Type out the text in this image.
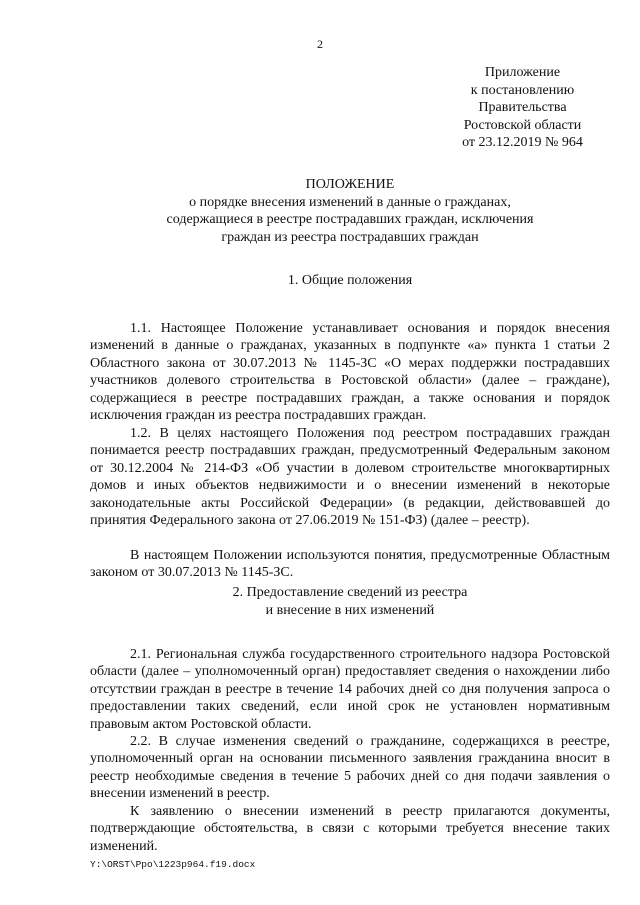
2
Приложение
к постановлению
Правительства
Ростовской области
от 23.12.2019 № 964
ПОЛОЖЕНИЕ
о порядке внесения изменений в данные о гражданах,
содержащиеся в реестре пострадавших граждан, исключения
граждан из реестра пострадавших граждан
1. Общие положения

1.1. Настоящее Положение устанавливает основания и порядок внесения изменений в данные о гражданах, указанных в подпункте «а» пункта 1 статьи 2 Областного закона от 30.07.2013 № 1145-ЗС «О мерах поддержки пострадавших участников долевого строительства в Ростовской области» (далее – граждане), содержащиеся в реестре пострадавших граждан, а также основания и порядок исключения граждан из реестра пострадавших граждан.

1.2. В целях настоящего Положения под реестром пострадавших граждан понимается реестр пострадавших граждан, предусмотренный Федеральным законом от 30.12.2004 № 214-ФЗ «Об участии в долевом строительстве многоквартирных домов и иных объектов недвижимости и о внесении изменений в некоторые законодательные акты Российской Федерации» (в редакции, действовавшей до принятия Федерального закона от 27.06.2019 № 151-ФЗ) (далее – реестр).

В настоящем Положении используются понятия, предусмотренные Областным законом от 30.07.2013 № 1145-ЗС.

2. Предоставление сведений из реестра
и внесение в них изменений

2.1. Региональная служба государственного строительного надзора Ростовской области (далее – уполномоченный орган) предоставляет сведения о нахождении либо отсутствии граждан в реестре в течение 14 рабочих дней со дня получения запроса о предоставлении таких сведений, если иной срок не установлен нормативным правовым актом Ростовской области.

2.2. В случае изменения сведений о гражданине, содержащихся в реестре, уполномоченный орган на основании письменного заявления гражданина вносит в реестр необходимые сведения в течение 5 рабочих дней со дня подачи заявления о внесении изменений в реестр.

К заявлению о внесении изменений в реестр прилагаются документы, подтверждающие обстоятельства, в связи с которыми требуется внесение таких изменений.

Y:\ORST\Ppo\1223p964.f19.docx
